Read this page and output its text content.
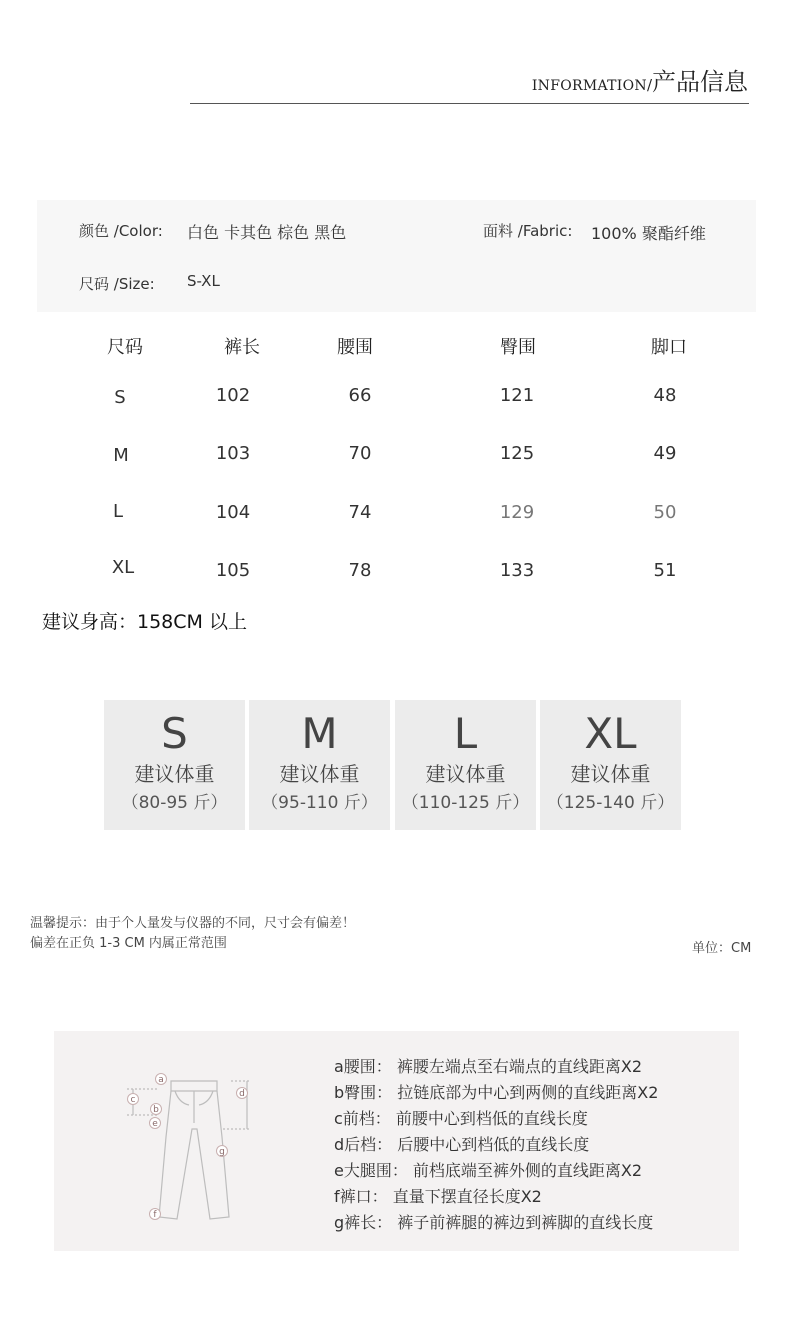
INFORMATION/产品信息
颜色 /Color: 白色 卡其色 棕色 黑色	面料 /Fabric: 100% 聚酯纤维
尺码 /Size: S-XL
尺码	裤长	腰围	臀围	脚口
S	102	66	121	48
M	103	70	125	49
L	104	74	129	50
XL	105	78	133	51
建议身高：158CM 以上
S
建议体重
（80-95 斤）
M
建议体重
（95-110 斤）
L
建议体重
（110-125 斤）
XL
建议体重
（125-140 斤）
温馨提示：由于个人量发与仪器的不同，尺寸会有偏差！
偏差在正负 1-3 CM 内属正常范围	单位：CM
a
b
c
d
e
f
g
a腰围： 裤腰左端点至右端点的直线距离X2
b臀围： 拉链底部为中心到两侧的直线距离X2
c前档： 前腰中心到档低的直线长度
d后档： 后腰中心到档低的直线长度
e大腿围： 前档底端至裤外侧的直线距离X2
f裤口： 直量下摆直径长度X2
g裤长： 裤子前裤腿的裤边到裤脚的直线长度
